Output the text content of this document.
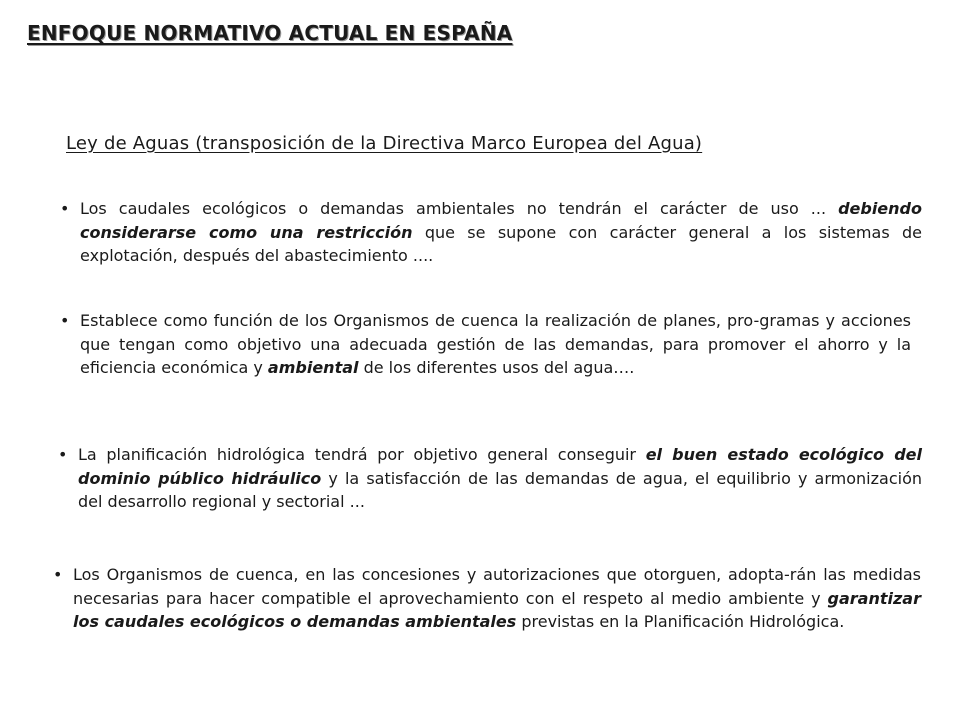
ENFOQUE NORMATIVO ACTUAL EN ESPAÑA
Ley de Aguas (transposición de la Directiva Marco Europea del Agua)
• Los caudales ecológicos o demandas ambientales no tendrán el carácter de uso ... debiendo considerarse como una restricción que se supone con carácter general a los sistemas de explotación, después del abastecimiento ....
• Establece como función de los Organismos de cuenca la realización de planes, pro-gramas y acciones que tengan como objetivo una adecuada gestión de las demandas, para promover el ahorro y la eficiencia económica y ambiental de los diferentes usos del agua….
• La planificación hidrológica tendrá por objetivo general conseguir el buen estado ecológico del dominio público hidráulico y la satisfacción de las demandas de agua, el equilibrio y armonización del desarrollo regional y sectorial ...
• Los Organismos de cuenca, en las concesiones y autorizaciones que otorguen, adopta-rán las medidas necesarias para hacer compatible el aprovechamiento con el respeto al medio ambiente y garantizar los caudales ecológicos o demandas ambientales previstas en la Planificación Hidrológica.
